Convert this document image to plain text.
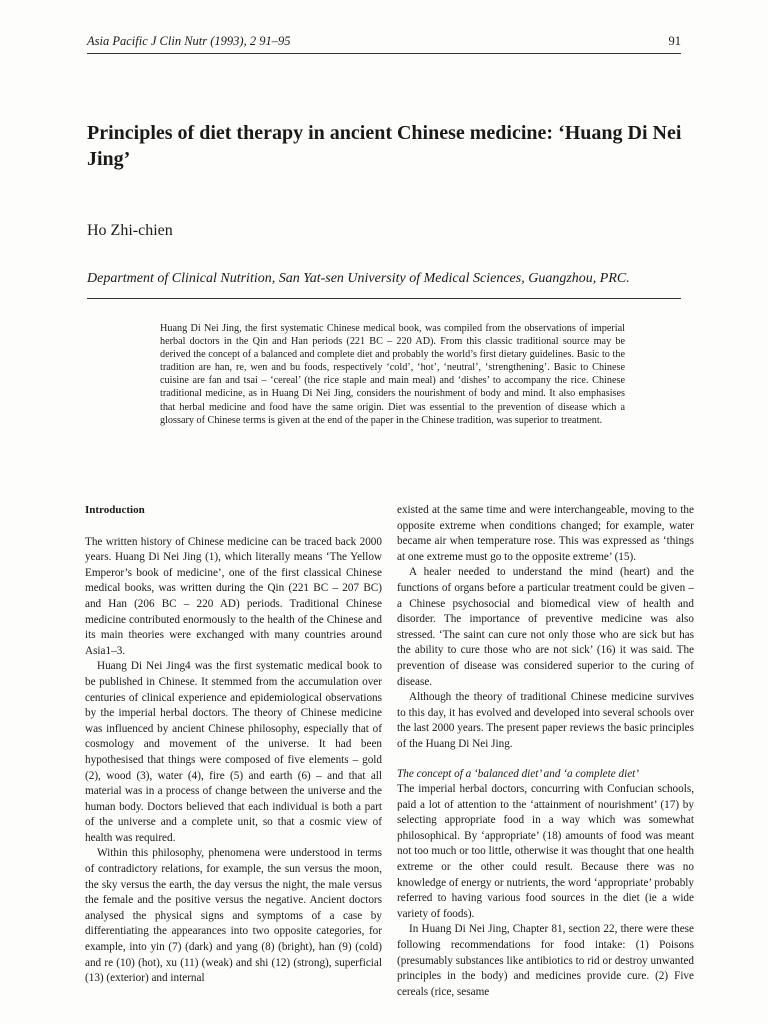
Asia Pacific J Clin Nutr (1993), 2 91–95	91
Principles of diet therapy in ancient Chinese medicine: ‘Huang Di Nei Jing’
Ho Zhi-chien
Department of Clinical Nutrition, San Yat-sen University of Medical Sciences, Guangzhou, PRC.
Huang Di Nei Jing, the first systematic Chinese medical book, was compiled from the observations of imperial herbal doctors in the Qin and Han periods (221 BC – 220 AD). From this classic traditional source may be derived the concept of a balanced and complete diet and probably the world’s first dietary guidelines. Basic to the tradition are han, re, wen and bu foods, respectively ‘cold’, ‘hot’, ‘neutral’, ‘strengthening’. Basic to Chinese cuisine are fan and tsai – ‘cereal’ (the rice staple and main meal) and ‘dishes’ to accompany the rice. Chinese traditional medicine, as in Huang Di Nei Jing, considers the nourishment of body and mind. It also emphasises that herbal medicine and food have the same origin. Diet was essential to the prevention of disease which a glossary of Chinese terms is given at the end of the paper in the Chinese tradition, was superior to treatment.
Introduction

The written history of Chinese medicine can be traced back 2000 years. Huang Di Nei Jing (1), which literally means ‘The Yellow Emperor’s book of medicine’, one of the first classical Chinese medical books, was written during the Qin (221 BC – 207 BC) and Han (206 BC – 220 AD) periods. Traditional Chinese medicine contributed enormously to the health of the Chinese and its main theories were exchanged with many countries around Asia1–3.

Huang Di Nei Jing4 was the first systematic medical book to be published in Chinese. It stemmed from the accumulation over centuries of clinical experience and epidemiological observations by the imperial herbal doctors. The theory of Chinese medicine was influenced by ancient Chinese philosophy, especially that of cosmology and movement of the universe. It had been hypothesised that things were composed of five elements – gold (2), wood (3), water (4), fire (5) and earth (6) – and that all material was in a process of change between the universe and the human body. Doctors believed that each individual is both a part of the universe and a complete unit, so that a cosmic view of health was required.

Within this philosophy, phenomena were understood in terms of contradictory relations, for example, the sun versus the moon, the sky versus the earth, the day versus the night, the male versus the female and the positive versus the negative. Ancient doctors analysed the physical signs and symptoms of a case by differentiating the appearances into two opposite categories, for example, into yin (7) (dark) and yang (8) (bright), han (9) (cold) and re (10) (hot), xu (11) (weak) and shi (12) (strong), superficial (13) (exterior) and internal

existed at the same time and were interchangeable, moving to the opposite extreme when conditions changed; for example, water became air when temperature rose. This was expressed as ‘things at one extreme must go to the opposite extreme’ (15).

A healer needed to understand the mind (heart) and the functions of organs before a particular treatment could be given – a Chinese psychosocial and biomedical view of health and disorder. The importance of preventive medicine was also stressed. ‘The saint can cure not only those who are sick but has the ability to cure those who are not sick’ (16) it was said. The prevention of disease was considered superior to the curing of disease.

Although the theory of traditional Chinese medicine survives to this day, it has evolved and developed into several schools over the last 2000 years. The present paper reviews the basic principles of the Huang Di Nei Jing.

The concept of a ‘balanced diet’ and ‘a complete diet’

The imperial herbal doctors, concurring with Confucian schools, paid a lot of attention to the ‘attainment of nourishment’ (17) by selecting appropriate food in a way which was somewhat philosophical. By ‘appropriate’ (18) amounts of food was meant not too much or too little, otherwise it was thought that one health extreme or the other could result. Because there was no knowledge of energy or nutrients, the word ‘appropriate’ probably referred to having various food sources in the diet (ie a wide variety of foods).

In Huang Di Nei Jing, Chapter 81, section 22, there were these following recommendations for food intake: (1) Poisons (presumably substances like antibiotics to rid or destroy unwanted principles in the body) and medicines provide cure. (2) Five cereals (rice, sesame
